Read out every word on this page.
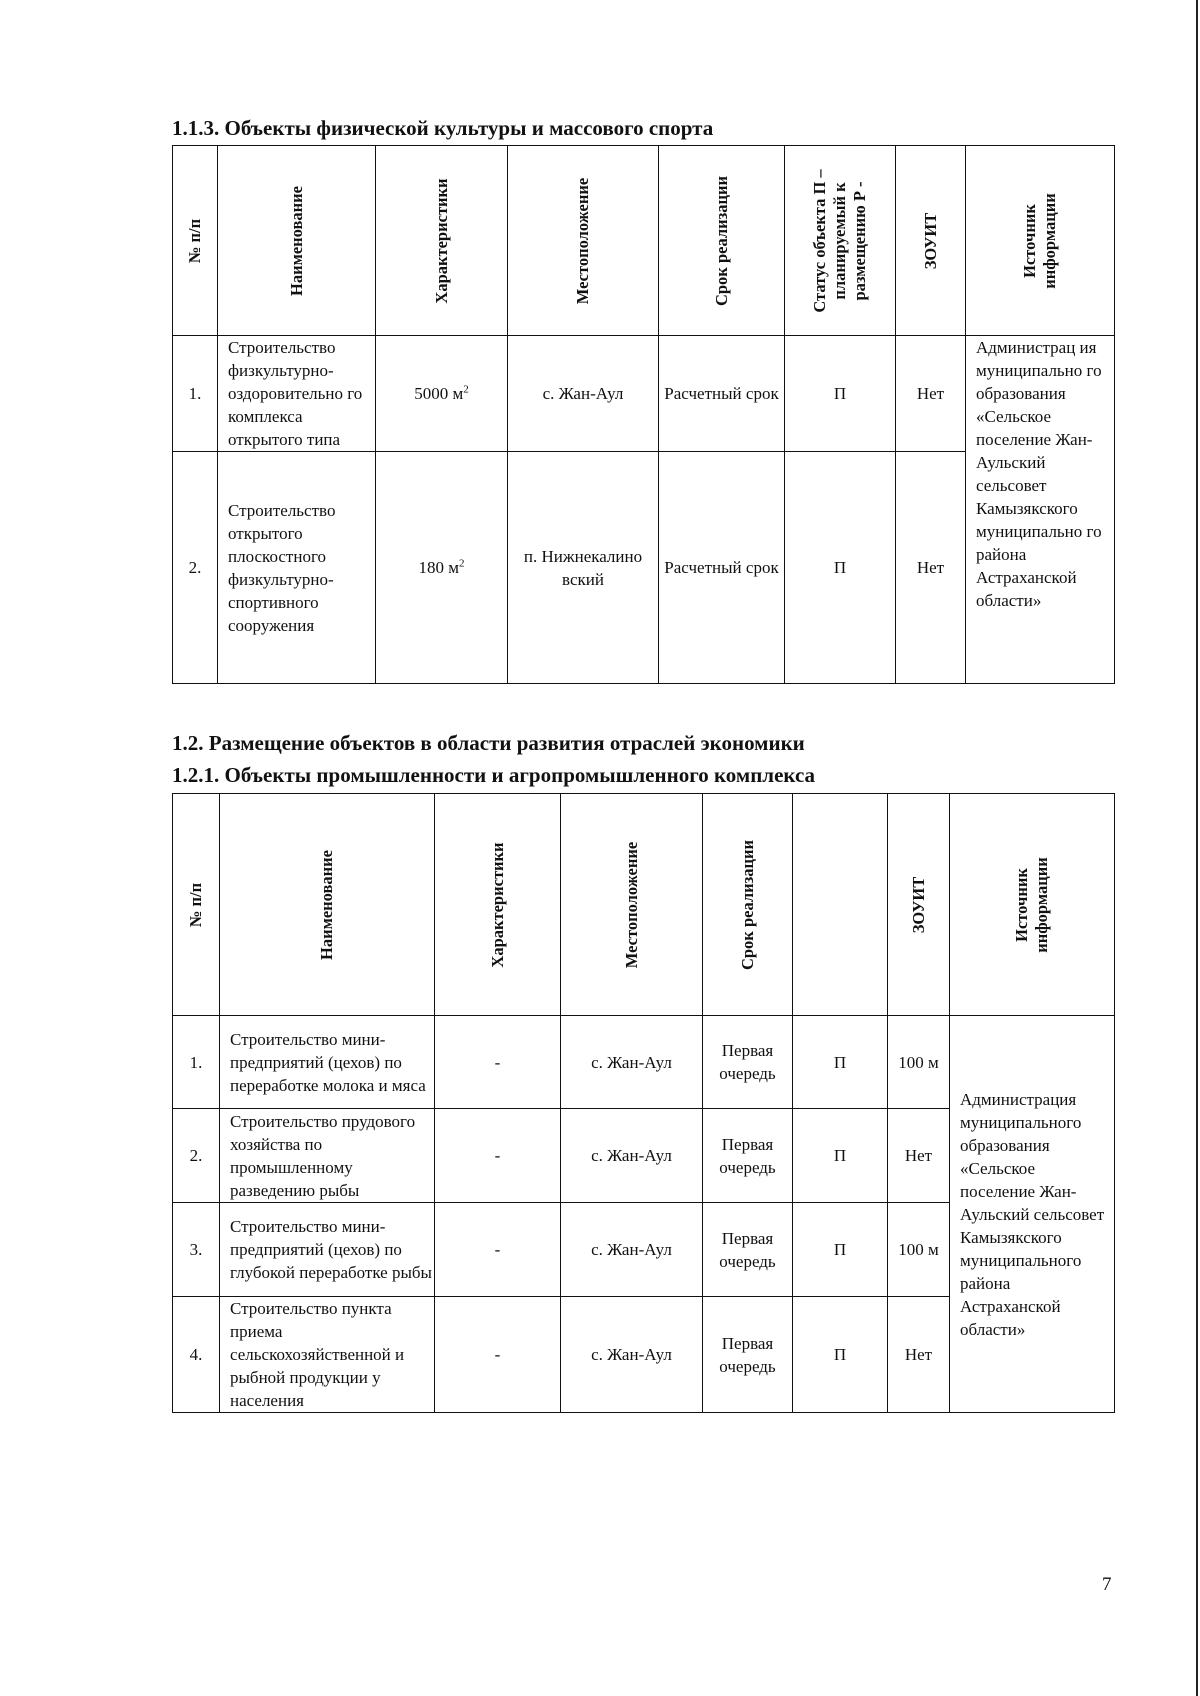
1.1.3. Объекты физической культуры и массового спорта
№ п/п	Наименование	Характеристики	Местоположение	Срок реализации	Статус объекта П – планируемый к размещению Р -	ЗОУИТ	Источник информации

1.	Строительство физкультурно-оздоровительно го комплекса открытого типа	5000 $м^2$	с. Жан-Аул	Расчетный срок	П	Нет	Администрац ия муниципально го образования «Сельское поселение Жан-Аульский сельсовет Камызякского муниципально го района Астраханской области»
2.	Строительство открытого плоскостного физкультурно-спортивного сооружения	180 $м^2$	п. Нижнекалино вский	Расчетный срок	П	Нет	
1.2. Размещение объектов в области развития отраслей экономики
1.2.1. Объекты промышленности и агропромышленного комплекса
№ п/п	Наименование	Характеристики	Местоположение	Срок реализации		ЗОУИТ	Источник информации

1.	Строительство мини-предприятий (цехов) по переработке молока и мяса	-	с. Жан-Аул	Первая очередь	П	100 м	Администрация муниципального образования «Сельское поселение Жан-Аульский сельсовет Камызякского муниципального района Астраханской области»
2.	Строительство прудового хозяйства по промышленному разведению рыбы	-	с. Жан-Аул	Первая очередь	П	Нет	
3.	Строительство мини-предприятий (цехов) по глубокой переработке рыбы	-	с. Жан-Аул	Первая очередь	П	100 м	
4.	Строительство пункта приема сельскохозяйственной и рыбной продукции у населения	-	с. Жан-Аул	Первая очередь	П	Нет	
7
